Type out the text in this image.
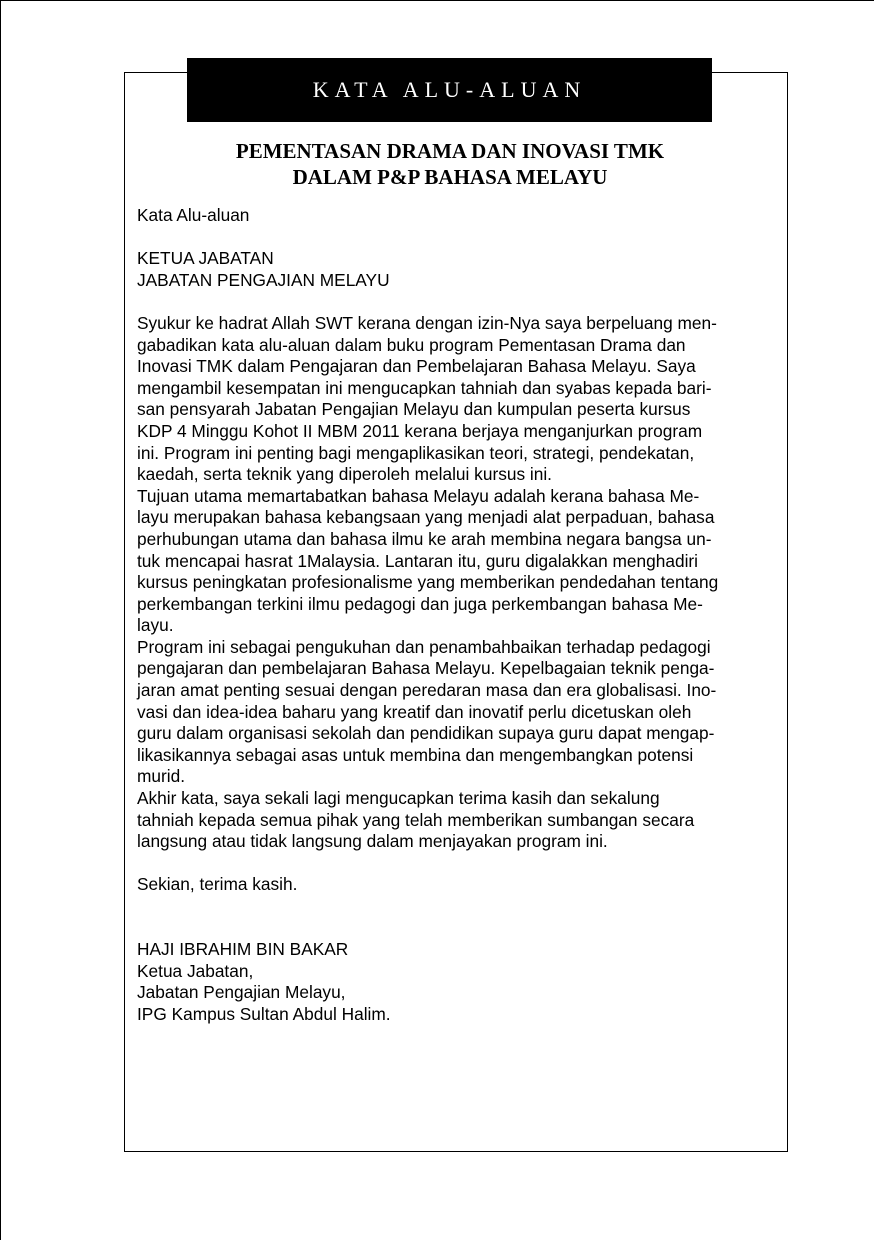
KATA ALU-ALUAN
PEMENTASAN DRAMA DAN INOVASI TMK
DALAM P&P BAHASA MELAYU
Kata Alu-aluan
KETUA JABATAN
JABATAN PENGAJIAN MELAYU
Syukur ke hadrat Allah SWT kerana dengan izin-Nya saya berpeluang men-
gabadikan kata alu-aluan dalam buku program Pementasan Drama dan
Inovasi TMK dalam Pengajaran dan Pembelajaran Bahasa Melayu. Saya
mengambil kesempatan ini mengucapkan tahniah dan syabas kepada bari-
san pensyarah Jabatan Pengajian Melayu dan kumpulan peserta kursus
KDP 4 Minggu Kohot II MBM 2011 kerana berjaya menganjurkan program
ini. Program ini penting bagi mengaplikasikan teori, strategi, pendekatan,
kaedah, serta teknik yang diperoleh melalui kursus ini.
Tujuan utama memartabatkan bahasa Melayu adalah kerana bahasa Me-
layu merupakan bahasa kebangsaan yang menjadi alat perpaduan, bahasa
perhubungan utama dan bahasa ilmu ke arah membina negara bangsa un-
tuk mencapai hasrat 1Malaysia. Lantaran itu, guru digalakkan menghadiri
kursus peningkatan profesionalisme yang memberikan pendedahan tentang
perkembangan terkini ilmu pedagogi dan juga perkembangan bahasa Me-
layu.
Program ini sebagai pengukuhan dan penambahbaikan terhadap pedagogi
pengajaran dan pembelajaran Bahasa Melayu. Kepelbagaian teknik penga-
jaran amat penting sesuai dengan peredaran masa dan era globalisasi. Ino-
vasi dan idea-idea baharu yang kreatif dan inovatif perlu dicetuskan oleh
guru dalam organisasi sekolah dan pendidikan supaya guru dapat mengap-
likasikannya sebagai asas untuk membina dan mengembangkan potensi
murid.
Akhir kata, saya sekali lagi mengucapkan terima kasih dan sekalung
tahniah kepada semua pihak yang telah memberikan sumbangan secara
langsung atau tidak langsung dalam menjayakan program ini.
Sekian, terima kasih.
HAJI IBRAHIM BIN BAKAR
Ketua Jabatan,
Jabatan Pengajian Melayu,
IPG Kampus Sultan Abdul Halim.
